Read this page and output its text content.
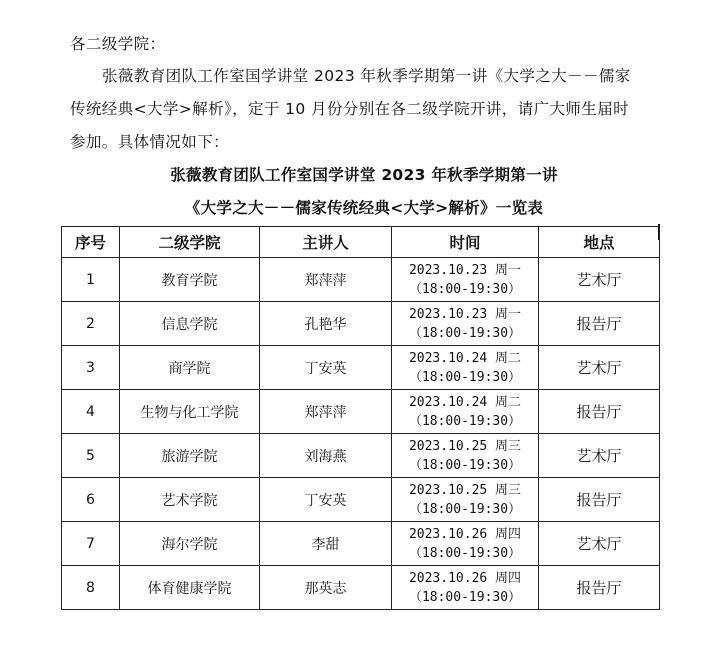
各二级学院：
张薇教育团队工作室国学讲堂 2023 年秋季学期第一讲《大学之大－－儒家
传统经典<大学>解析》，定于 10 月份分别在各二级学院开讲，请广大师生届时
参加。具体情况如下：
张薇教育团队工作室国学讲堂 2023 年秋季学期第一讲
《大学之大－－儒家传统经典<大学>解析》一览表
序号	二级学院	主讲人	时间	地点
1	教育学院	郑萍萍	2023.10.23 周一
（18:00-19:30）	艺术厅
2	信息学院	孔艳华	2023.10.23 周一
（18:00-19:30）	报告厅
3	商学院	丁安英	2023.10.24 周二
（18:00-19:30）	艺术厅
4	生物与化工学院	郑萍萍	2023.10.24 周二
（18:00-19:30）	报告厅
5	旅游学院	刘海燕	2023.10.25 周三
（18:00-19:30）	艺术厅
6	艺术学院	丁安英	2023.10.25 周三
（18:00-19:30）	报告厅
7	海尔学院	李甜	2023.10.26 周四
（18:00-19:30）	艺术厅
8	体育健康学院	那英志	2023.10.26 周四
（18:00-19:30）	报告厅
